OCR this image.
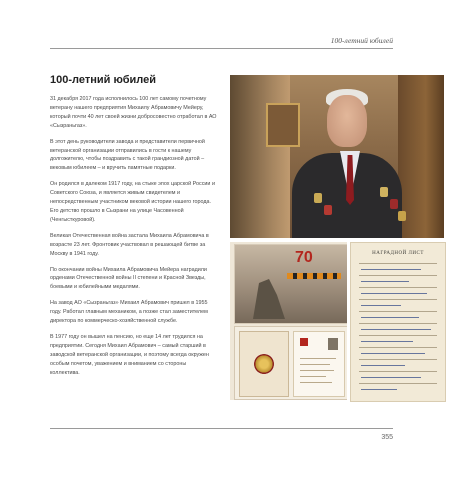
100-летний юбилей
100-летний юбилей

31 декабря 2017 года исполнилось 100 лет самому почетному ветерану нашего предприятия Михаилу Абрамовичу Мейеру, который почти 40 лет своей жизни добросовестно отработал в АО «Сызраньгаз».

В этот день руководители завода и представители первичной ветеранской организации отправились в гости к нашему долгожителю, чтобы поздравить с такой грандиозной датой – вековым юбилеем – и вручить памятные подарки.

Он родился в далеком 1917 году, на стыке эпох царской России и Советского Союза, и является живым свидетелем и непосредственным участником вековой истории нашего города. Его детство прошло в Сызрани на улице Часовенной (Ченгысткуровой).

Великая Отечественная война застала Михаила Абрамовича в возрасте 23 лет. Фронтовик участвовал в решающей битве за Москву в 1941 году.

По окончании войны Михаила Абрамовича Мейера наградили орденами Отечественной войны II степени и Красной Звезды, боевыми и юбилейными медалями.

На завод АО «Сызраньгаз» Михаил Абрамович пришел в 1955 году. Работал главным механиком, а позже стал заместителем директора по коммерческо-хозяйственной службе.

В 1977 году он вышел на пенсию, но еще 14 лет трудился на предприятии. Сегодня Михаил Абрамович – самый старший в заводской ветеранской организации, и поэтому всегда окружен особым почетом, уважением и вниманием со стороны коллектива.

70	НАГРАДНОЙ ЛИСТ
355
